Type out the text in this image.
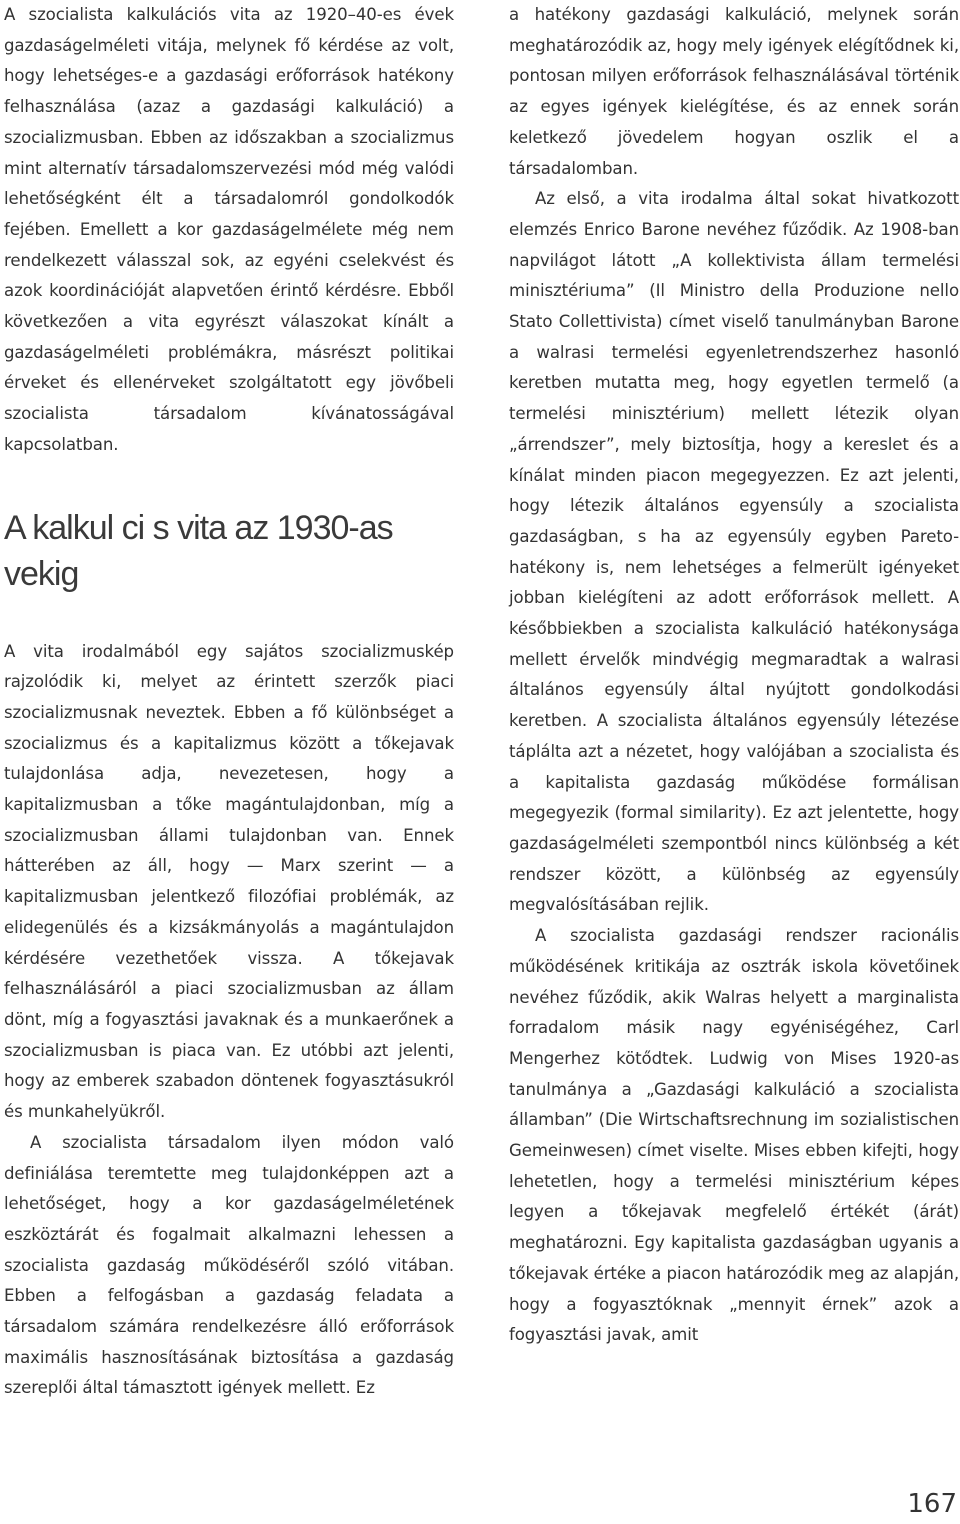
A szocialista kalkulációs vita az 1920–40-es évek gazdaságelméleti vitája, melynek fő kérdése az volt, hogy lehetséges-e a gazdasági erőforrások hatékony felhasználása (azaz a gazdasági kalkuláció) a szocializmusban. Ebben az időszakban a szocializmus mint alternatív társadalomszervezési mód még valódi lehetőségként élt a társadalomról gondolkodók fejében. Emellett a kor gazdaságelmélete még nem rendelkezett válasszal sok, az egyéni cselekvést és azok koordinációját alapvetően érintő kérdésre. Ebből következően a vita egyrészt válaszokat kínált a gazdaságelméleti problémákra, másrészt politikai érveket és ellenérveket szolgáltatott egy jövőbeli szocialista társadalom kívánatosságával kapcsolatban.

A kalkul ci s vita az 1930-as vekig

A vita irodalmából egy sajátos szocializmuskép rajzolódik ki, melyet az érintett szerzők piaci szocializmusnak neveztek. Ebben a fő különbséget a szocializmus és a kapitalizmus között a tőkejavak tulajdonlása adja, nevezetesen, hogy a kapitalizmusban a tőke magántulajdonban, míg a szocializmusban állami tulajdonban van. Ennek hátterében az áll, hogy — Marx szerint — a kapitalizmusban jelentkező filozófiai problémák, az elidegenülés és a kizsákmányolás a magántulajdon kérdésére vezethetőek vissza. A tőkejavak felhasználásáról a piaci szocializmusban az állam dönt, míg a fogyasztási javaknak és a munkaerőnek a szocializmusban is piaca van. Ez utóbbi azt jelenti, hogy az emberek szabadon döntenek fogyasztásukról és munkahelyükről.

A szocialista társadalom ilyen módon való definiálása teremtette meg tulajdonképpen azt a lehetőséget, hogy a kor gazdaságelméletének eszköztárát és fogalmait alkalmazni lehessen a szocialista gazdaság működéséről szóló vitában. Ebben a felfogásban a gazdaság feladata a társadalom számára rendelkezésre álló erőforrások maximális hasznosításának biztosítása a gazdaság szereplői által támasztott igények mellett. Ez

a hatékony gazdasági kalkuláció, melynek során meghatározódik az, hogy mely igények elégítődnek ki, pontosan milyen erőforrások felhasználásával történik az egyes igények kielégítése, és az ennek során keletkező jövedelem hogyan oszlik el a társadalomban.

Az első, a vita irodalma által sokat hivatkozott elemzés Enrico Barone nevéhez fűződik. Az 1908-ban napvilágot látott „A kollektivista állam termelési minisztériuma” (Il Ministro della Produzione nello Stato Collettivista) címet viselő tanulmányban Barone a walrasi termelési egyenletrendszerhez hasonló keretben mutatta meg, hogy egyetlen termelő (a termelési minisztérium) mellett létezik olyan „árrendszer”, mely biztosítja, hogy a kereslet és a kínálat minden piacon megegyezzen. Ez azt jelenti, hogy létezik általános egyensúly a szocialista gazdaságban, s ha az egyensúly egyben Pareto-hatékony is, nem lehetséges a felmerült igényeket jobban kielégíteni az adott erőforrások mellett. A későbbiekben a szocialista kalkuláció hatékonysága mellett érvelők mindvégig megmaradtak a walrasi általános egyensúly által nyújtott gondolkodási keretben. A szocialista általános egyensúly létezése táplálta azt a nézetet, hogy valójában a szocialista és a kapitalista gazdaság működése formálisan megegyezik (formal similarity). Ez azt jelentette, hogy gazdaságelméleti szempontból nincs különbség a két rendszer között, a különbség az egyensúly megvalósításában rejlik.

A szocialista gazdasági rendszer racionális működésének kritikája az osztrák iskola követőinek nevéhez fűződik, akik Walras helyett a marginalista forradalom másik nagy egyéniségéhez, Carl Mengerhez kötődtek. Ludwig von Mises 1920-as tanulmánya a „Gazdasági kalkuláció a szocialista államban” (Die Wirtschaftsrechnung im sozialistischen Gemeinwesen) címet viselte. Mises ebben kifejti, hogy lehetetlen, hogy a termelési minisztérium képes legyen a tőkejavak megfelelő értékét (árát) meghatározni. Egy kapitalista gazdaságban ugyanis a tőkejavak értéke a piacon határozódik meg az alapján, hogy a fogyasztóknak „mennyit érnek” azok a fogyasztási javak, amit

167
